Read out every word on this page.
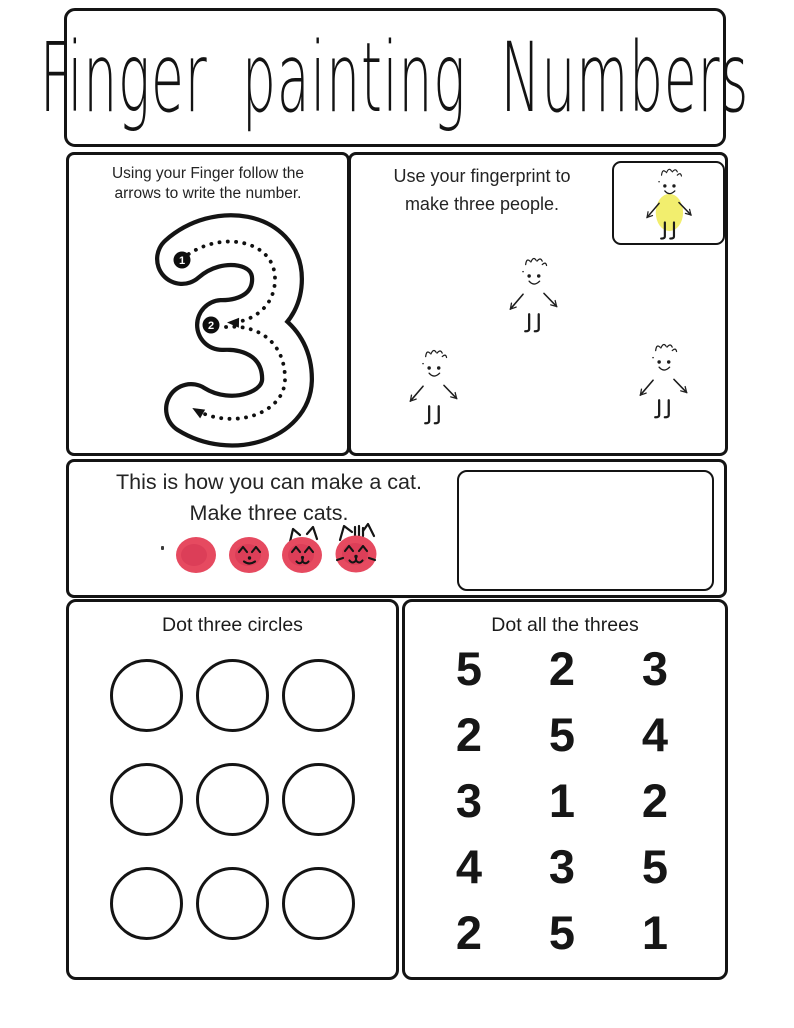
Finger painting Numbers
Using your Finger follow the
arrows to write the number.
1
2
Use your fingerprint to
make three people.
This is how you can make a cat.
Make three cats.
Dot three circles	Dot all the threes
5	2	3
2	5	4
3	1	2
4	3	5
2	5	1
